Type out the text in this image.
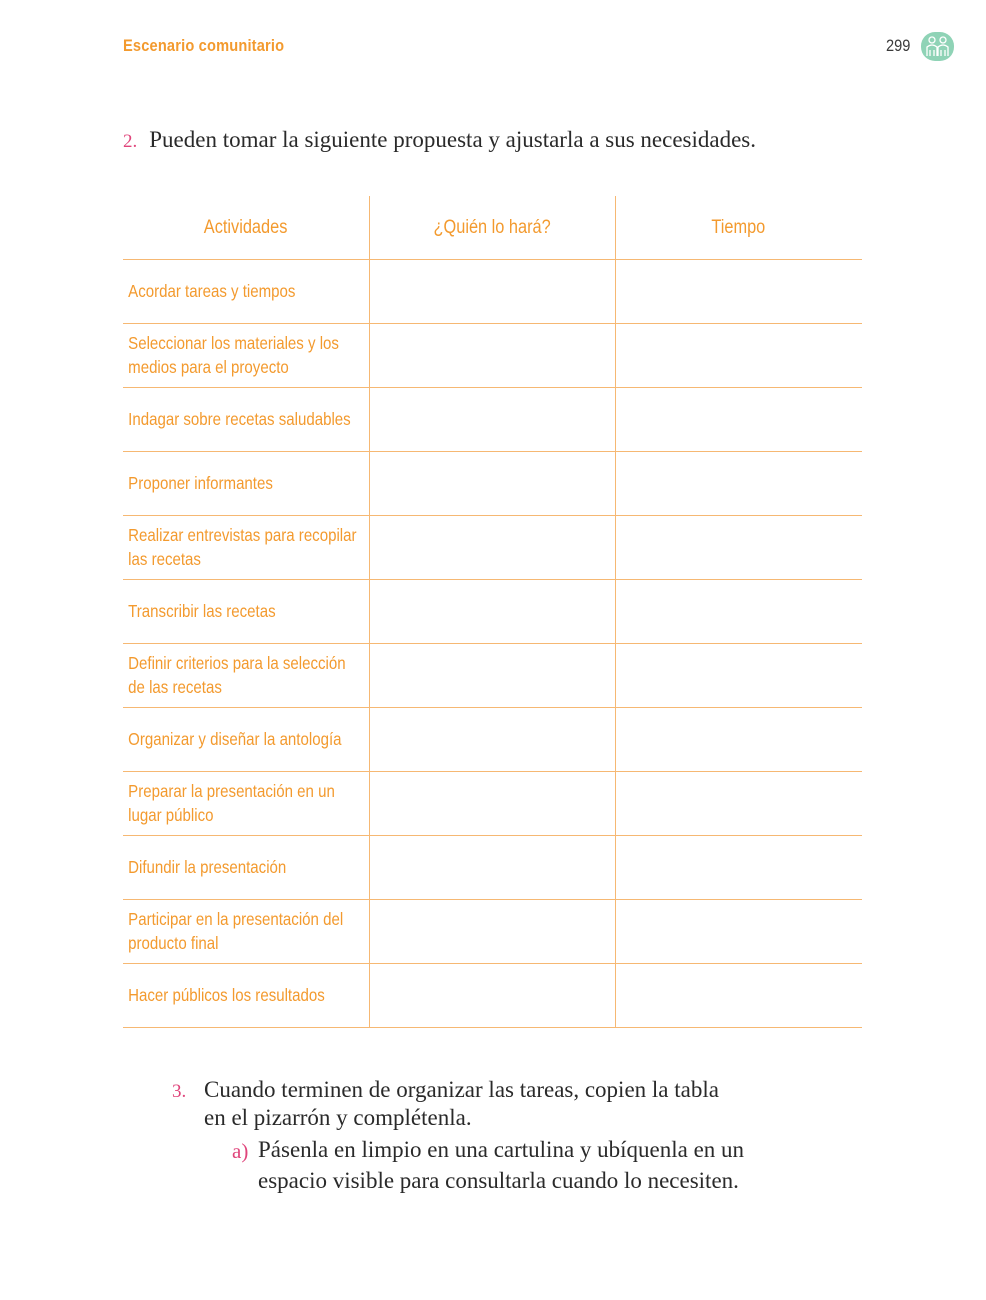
Escenario comunitario	299
2. Pueden tomar la siguiente propuesta y ajustarla a sus necesidades.
Actividades	¿Quién lo hará?	Tiempo

Acordar tareas y tiempos		

Seleccionar los materiales y los medios para el proyecto		

Indagar sobre recetas saludables		

Proponer informantes		

Realizar entrevistas para recopilar las recetas		

Transcribir las recetas		

Definir criterios para la selección de las recetas		

Organizar y diseñar la antología		

Preparar la presentación en un lugar público		

Difundir la presentación		

Participar en la presentación del producto final		

Hacer públicos los resultados		

3. Cuando terminen de organizar las tareas, copien la tabla en el pizarrón y complétenla.
a) Pásenla en limpio en una cartulina y ubíquenla en un espacio visible para consultarla cuando lo necesiten.
